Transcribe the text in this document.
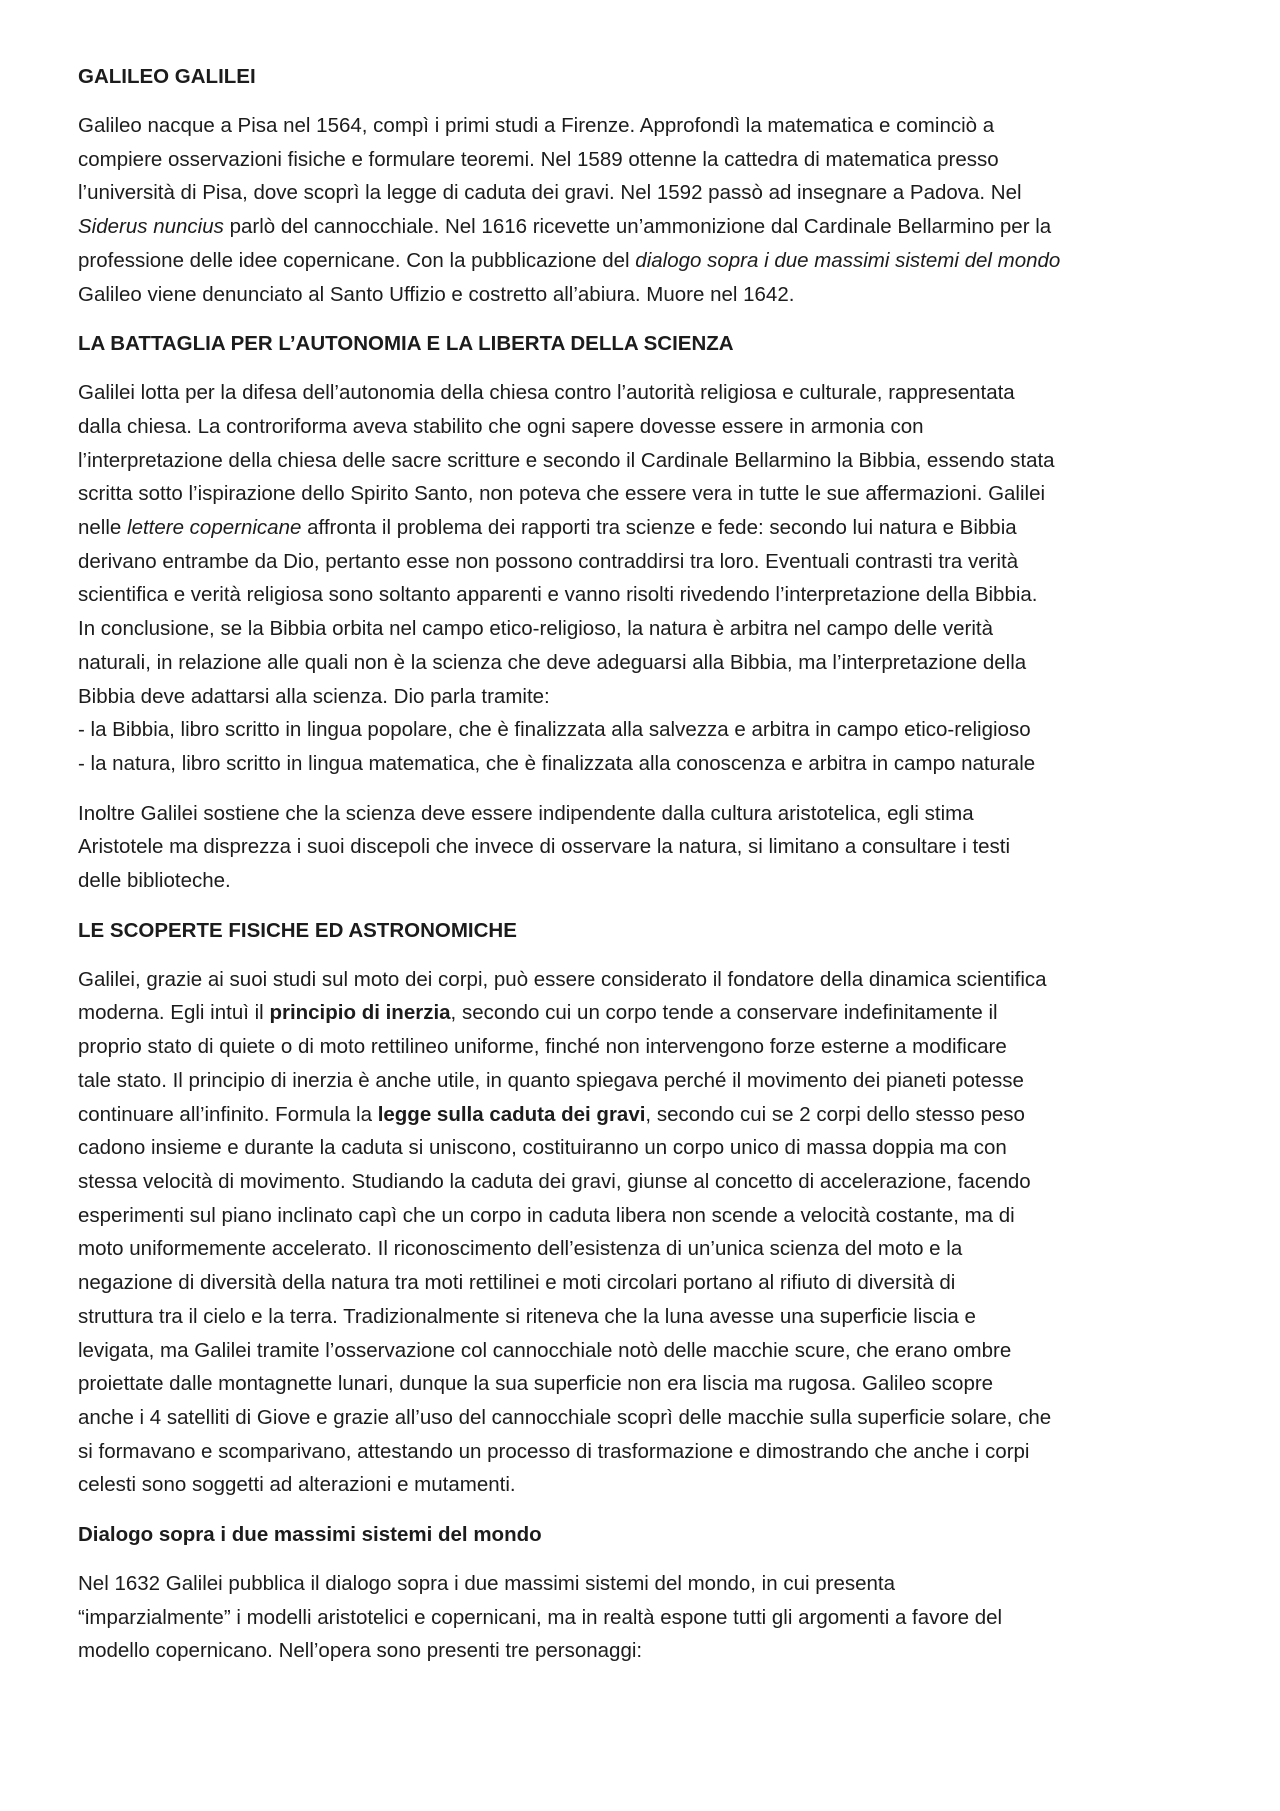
GALILEO GALILEI
Galileo nacque a Pisa nel 1564, compì i primi studi a Firenze. Approfondì la matematica e cominciò a
compiere osservazioni fisiche e formulare teoremi. Nel 1589 ottenne la cattedra di matematica presso
l’università di Pisa, dove scoprì la legge di caduta dei gravi. Nel 1592 passò ad insegnare a Padova. Nel
Siderus nuncius parlò del cannocchiale. Nel 1616 ricevette un’ammonizione dal Cardinale Bellarmino per la
professione delle idee copernicane. Con la pubblicazione del dialogo sopra i due massimi sistemi del mondo
Galileo viene denunciato al Santo Uffizio e costretto all’abiura. Muore nel 1642.
LA BATTAGLIA PER L’AUTONOMIA E LA LIBERTA DELLA SCIENZA
Galilei lotta per la difesa dell’autonomia della chiesa contro l’autorità religiosa e culturale, rappresentata
dalla chiesa. La controriforma aveva stabilito che ogni sapere dovesse essere in armonia con
l’interpretazione della chiesa delle sacre scritture e secondo il Cardinale Bellarmino la Bibbia, essendo stata
scritta sotto l’ispirazione dello Spirito Santo, non poteva che essere vera in tutte le sue affermazioni. Galilei
nelle lettere copernicane affronta il problema dei rapporti tra scienze e fede: secondo lui natura e Bibbia
derivano entrambe da Dio, pertanto esse non possono contraddirsi tra loro. Eventuali contrasti tra verità
scientifica e verità religiosa sono soltanto apparenti e vanno risolti rivedendo l’interpretazione della Bibbia.
In conclusione, se la Bibbia orbita nel campo etico-religioso, la natura è arbitra nel campo delle verità
naturali, in relazione alle quali non è la scienza che deve adeguarsi alla Bibbia, ma l’interpretazione della
Bibbia deve adattarsi alla scienza. Dio parla tramite:
- la Bibbia, libro scritto in lingua popolare, che è finalizzata alla salvezza e arbitra in campo etico-religioso
- la natura, libro scritto in lingua matematica, che è finalizzata alla conoscenza e arbitra in campo naturale
Inoltre Galilei sostiene che la scienza deve essere indipendente dalla cultura aristotelica, egli stima
Aristotele ma disprezza i suoi discepoli che invece di osservare la natura, si limitano a consultare i testi
delle biblioteche.
LE SCOPERTE FISICHE ED ASTRONOMICHE
Galilei, grazie ai suoi studi sul moto dei corpi, può essere considerato il fondatore della dinamica scientifica
moderna. Egli intuì il principio di inerzia, secondo cui un corpo tende a conservare indefinitamente il
proprio stato di quiete o di moto rettilineo uniforme, finché non intervengono forze esterne a modificare
tale stato. Il principio di inerzia è anche utile, in quanto spiegava perché il movimento dei pianeti potesse
continuare all’infinito. Formula la legge sulla caduta dei gravi, secondo cui se 2 corpi dello stesso peso
cadono insieme e durante la caduta si uniscono, costituiranno un corpo unico di massa doppia ma con
stessa velocità di movimento. Studiando la caduta dei gravi, giunse al concetto di accelerazione, facendo
esperimenti sul piano inclinato capì che un corpo in caduta libera non scende a velocità costante, ma di
moto uniformemente accelerato. Il riconoscimento dell’esistenza di un’unica scienza del moto e la
negazione di diversità della natura tra moti rettilinei e moti circolari portano al rifiuto di diversità di
struttura tra il cielo e la terra. Tradizionalmente si riteneva che la luna avesse una superficie liscia e
levigata, ma Galilei tramite l’osservazione col cannocchiale notò delle macchie scure, che erano ombre
proiettate dalle montagnette lunari, dunque la sua superficie non era liscia ma rugosa. Galileo scopre
anche i 4 satelliti di Giove e grazie all’uso del cannocchiale scoprì delle macchie sulla superficie solare, che
si formavano e scomparivano, attestando un processo di trasformazione e dimostrando che anche i corpi
celesti sono soggetti ad alterazioni e mutamenti.
Dialogo sopra i due massimi sistemi del mondo
Nel 1632 Galilei pubblica il dialogo sopra i due massimi sistemi del mondo, in cui presenta
“imparzialmente” i modelli aristotelici e copernicani, ma in realtà espone tutti gli argomenti a favore del
modello copernicano. Nell’opera sono presenti tre personaggi:
